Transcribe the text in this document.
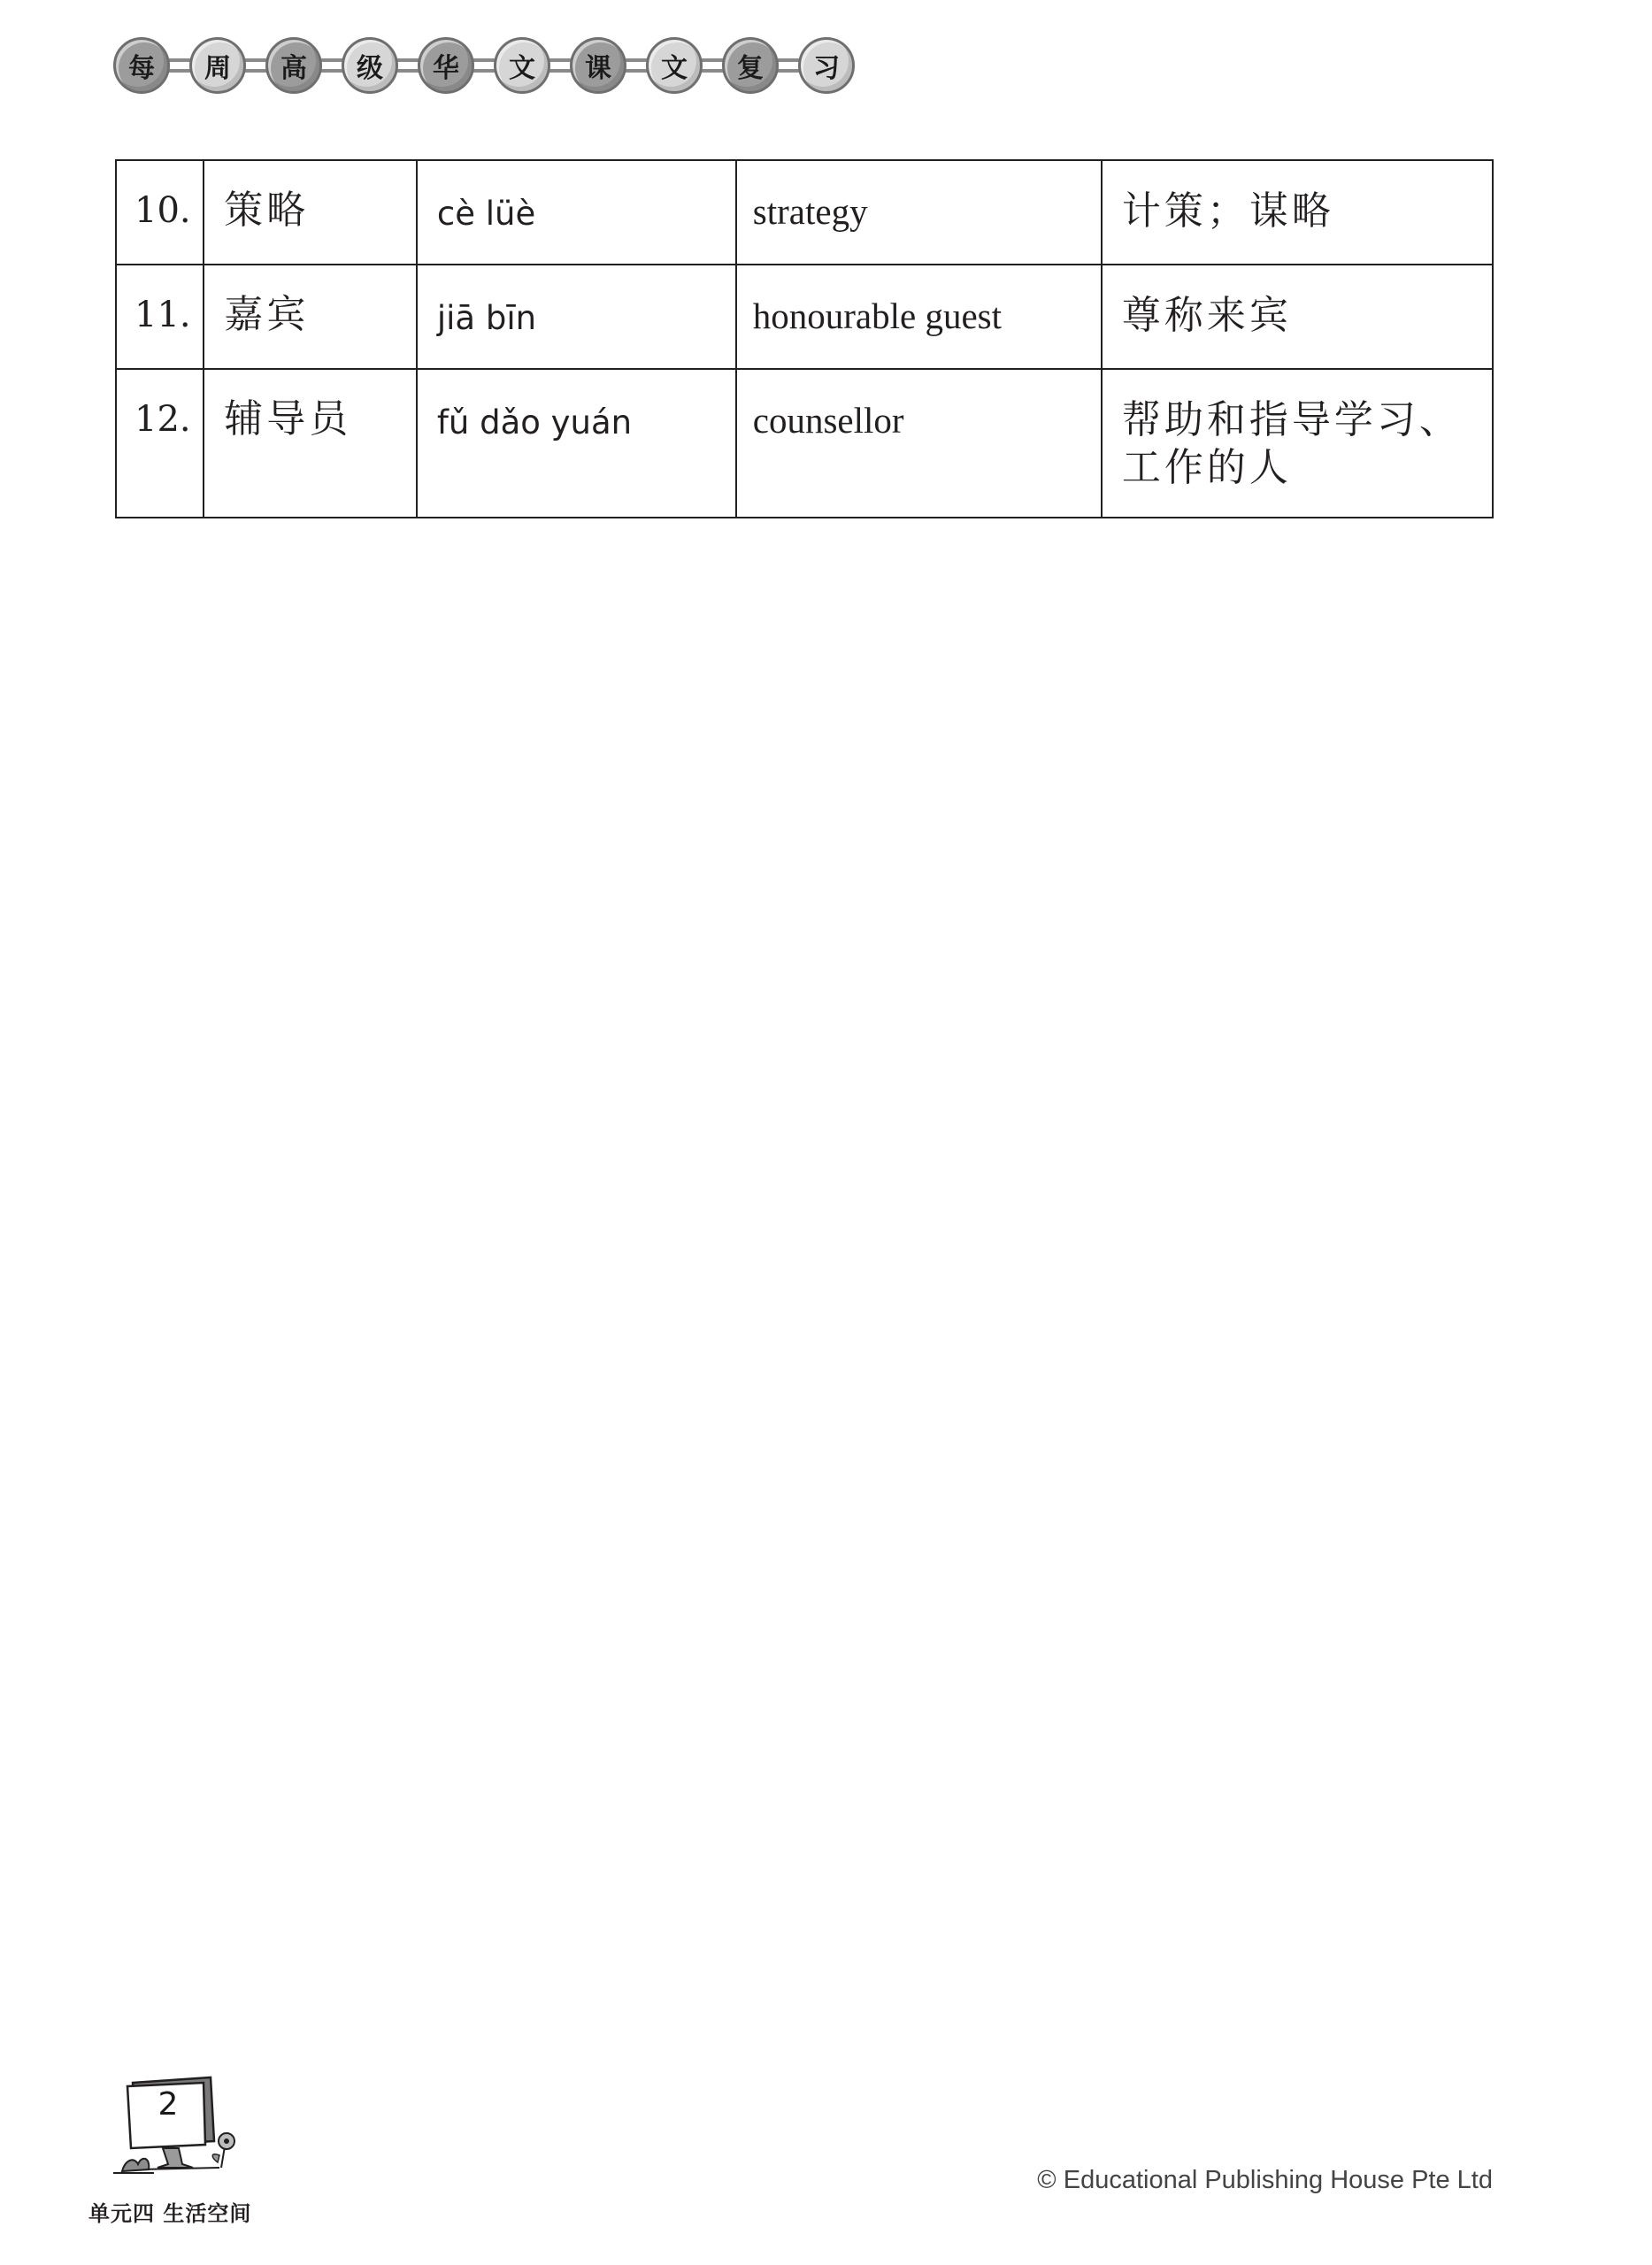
每	周	高	级	华	文	课	文	复	习
10.	策略	cè lüè	strategy	计策；谋略

11.	嘉宾	jiā bīn	honourable guest	尊称来宾

12.	辅导员	fǔ dǎo yuán	counsellor	帮助和指导学习、工作的人
2
单元四 生活空间
© Educational Publishing House Pte Ltd
